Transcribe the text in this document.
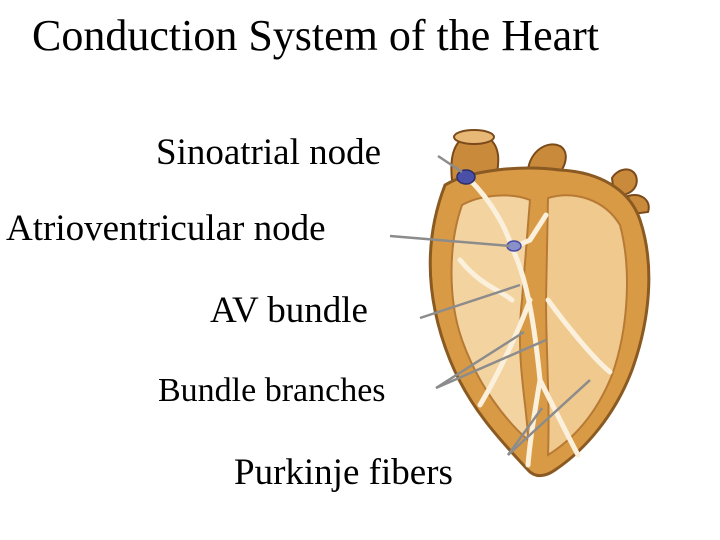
Conduction System of the Heart
Sinoatrial node
Atrioventricular node
AV bundle
Bundle branches
Purkinje fibers
